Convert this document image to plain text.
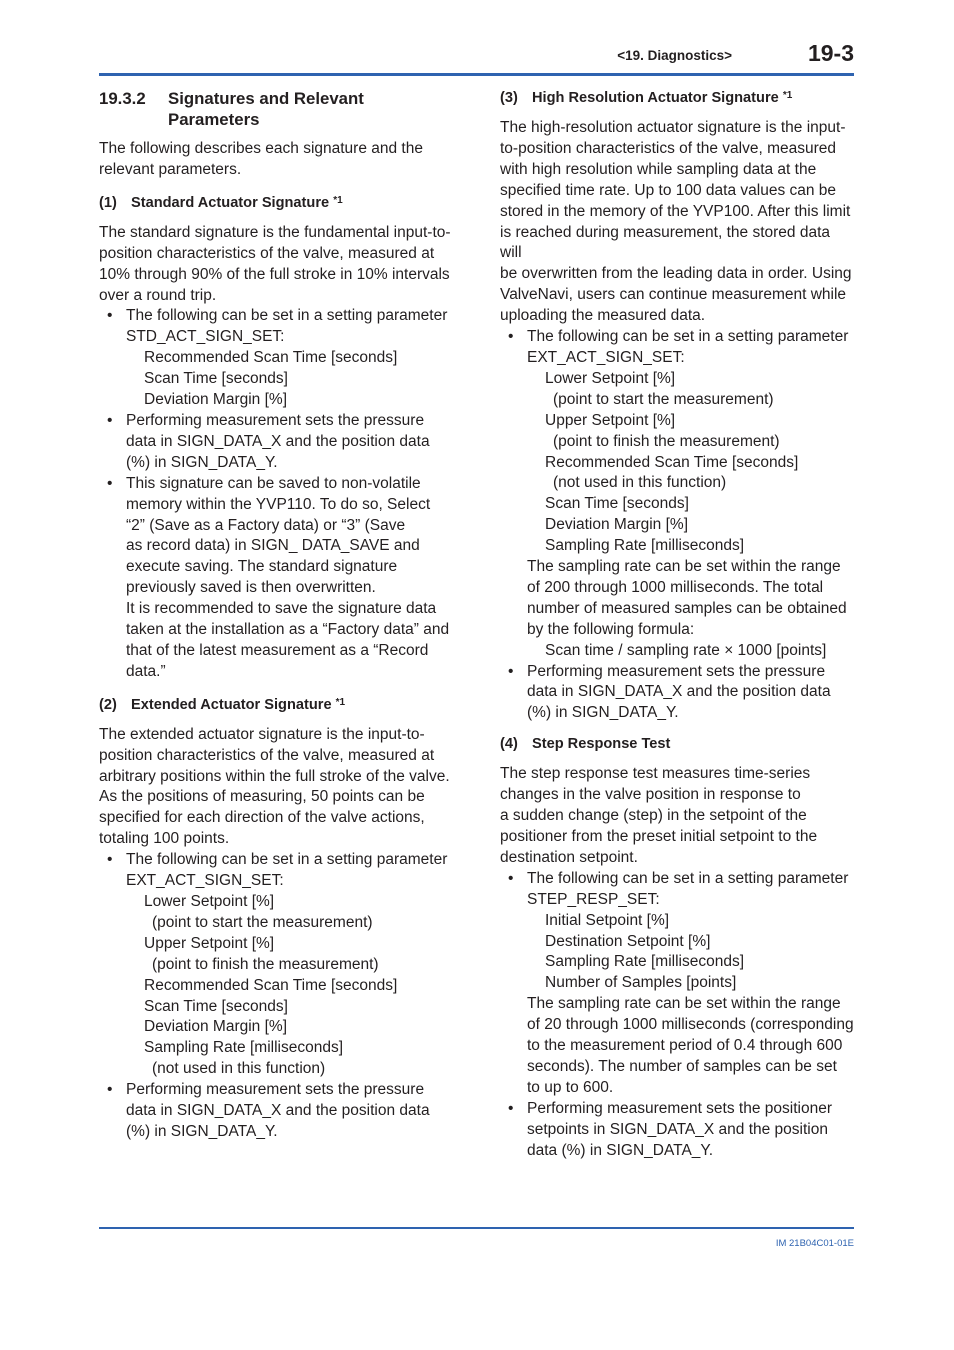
<19. Diagnostics>	19-3
19.3.2 Signatures and Relevant
Parameters
The following describes each signature and the
relevant parameters.
(1) Standard Actuator Signature $^{*1}$
The standard signature is the fundamental input-to-
position characteristics of the valve, measured at
10% through 90% of the full stroke in 10% intervals
over a round trip.
• The following can be set in a setting parameter
STD_ACT_SIGN_SET:
Recommended Scan Time [seconds]
Scan Time [seconds]
Deviation Margin [%]
• Performing measurement sets the pressure
data in SIGN_DATA_X and the position data
(%) in SIGN_DATA_Y.
• This signature can be saved to non-volatile
memory within the YVP110. To do so, Select
“2” (Save as a Factory data) or “3” (Save
as record data) in SIGN_ DATA_SAVE and
execute saving. The standard signature
previously saved is then overwritten.
It is recommended to save the signature data
taken at the installation as a “Factory data” and
that of the latest measurement as a “Record
data.”
(2) Extended Actuator Signature $^{*1}$
The extended actuator signature is the input-to-
position characteristics of the valve, measured at
arbitrary positions within the full stroke of the valve.
As the positions of measuring, 50 points can be
specified for each direction of the valve actions,
totaling 100 points.
• The following can be set in a setting parameter
EXT_ACT_SIGN_SET:
Lower Setpoint [%]
(point to start the measurement)
Upper Setpoint [%]
(point to finish the measurement)
Recommended Scan Time [seconds]
Scan Time [seconds]
Deviation Margin [%]
Sampling Rate [milliseconds]
(not used in this function)
• Performing measurement sets the pressure
data in SIGN_DATA_X and the position data
(%) in SIGN_DATA_Y.
(3) High Resolution Actuator Signature $^{*1}$
The high-resolution actuator signature is the input-
to-position characteristics of the valve, measured
with high resolution while sampling data at the
specified time rate. Up to 100 data values can be
stored in the memory of the YVP100. After this limit
is reached during measurement, the stored data will
be overwritten from the leading data in order. Using
ValveNavi, users can continue measurement while
uploading the measured data.
• The following can be set in a setting parameter
EXT_ACT_SIGN_SET:
Lower Setpoint [%]
(point to start the measurement)
Upper Setpoint [%]
(point to finish the measurement)
Recommended Scan Time [seconds]
(not used in this function)
Scan Time [seconds]
Deviation Margin [%]
Sampling Rate [milliseconds]
The sampling rate can be set within the range
of 200 through 1000 milliseconds. The total
number of measured samples can be obtained
by the following formula:
Scan time / sampling rate × 1000 [points]
• Performing measurement sets the pressure
data in SIGN_DATA_X and the position data
(%) in SIGN_DATA_Y.
(4) Step Response Test
The step response test measures time-series
changes in the valve position in response to
a sudden change (step) in the setpoint of the
positioner from the preset initial setpoint to the
destination setpoint.
• The following can be set in a setting parameter
STEP_RESP_SET:
Initial Setpoint [%]
Destination Setpoint [%]
Sampling Rate [milliseconds]
Number of Samples [points]
The sampling rate can be set within the range
of 20 through 1000 milliseconds (corresponding
to the measurement period of 0.4 through 600
seconds). The number of samples can be set
to up to 600.
• Performing measurement sets the positioner
setpoints in SIGN_DATA_X and the position
data (%) in SIGN_DATA_Y.
IM 21B04C01-01E
